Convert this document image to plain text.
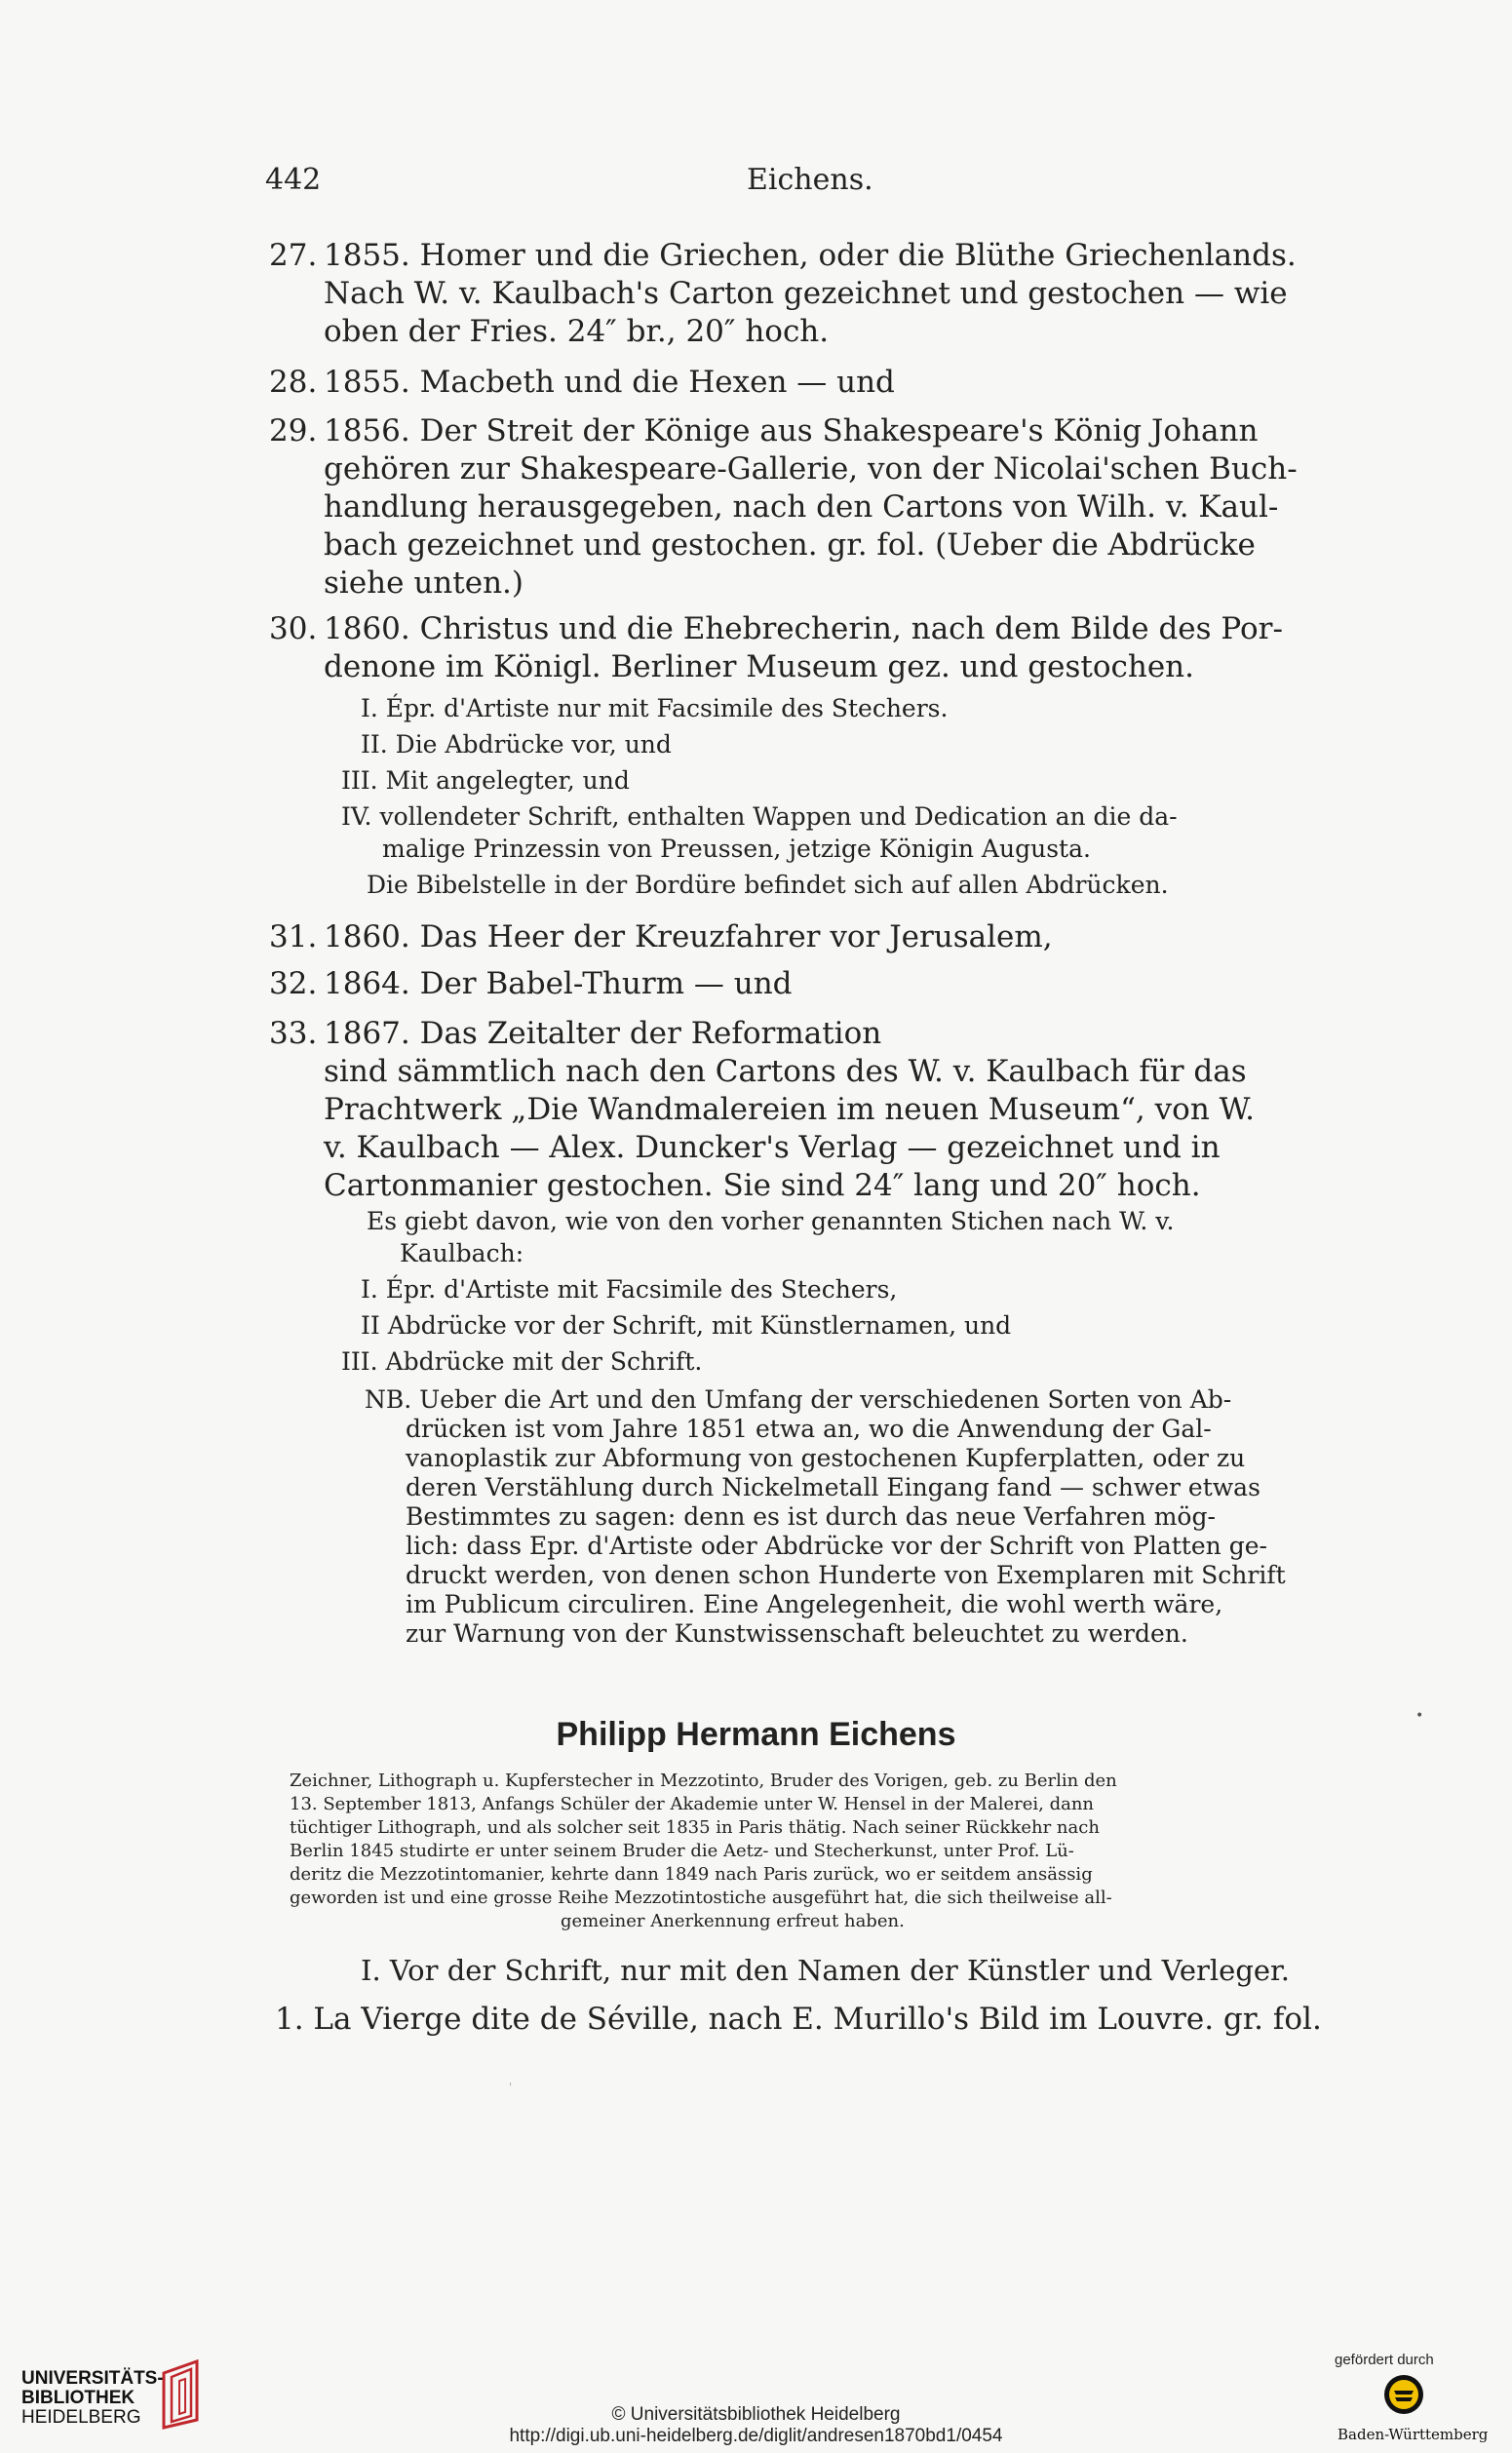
442	Eichens.
27. 1855. Homer und die Griechen, oder die Blüthe Griechenlands.
Nach W. v. Kaulbach's Carton gezeichnet und gestochen — wie
oben der Fries. 24″ br., 20″ hoch.
28. 1855. Macbeth und die Hexen — und
29. 1856. Der Streit der Könige aus Shakespeare's König Johann
gehören zur Shakespeare-Gallerie, von der Nicolai'schen Buch-
handlung herausgegeben, nach den Cartons von Wilh. v. Kaul-
bach gezeichnet und gestochen. gr. fol. (Ueber die Abdrücke
siehe unten.)
30. 1860. Christus und die Ehebrecherin, nach dem Bilde des Por-
denone im Königl. Berliner Museum gez. und gestochen.
I. Épr. d'Artiste nur mit Facsimile des Stechers.
II. Die Abdrücke vor, und
III. Mit angelegter, und
IV. vollendeter Schrift, enthalten Wappen und Dedication an die da-
malige Prinzessin von Preussen, jetzige Königin Augusta.
Die Bibelstelle in der Bordüre befindet sich auf allen Abdrücken.
31. 1860. Das Heer der Kreuzfahrer vor Jerusalem,
32. 1864. Der Babel-Thurm — und
33. 1867. Das Zeitalter der Reformation
sind sämmtlich nach den Cartons des W. v. Kaulbach für das
Prachtwerk „Die Wandmalereien im neuen Museum“, von W.
v. Kaulbach — Alex. Duncker's Verlag — gezeichnet und in
Cartonmanier gestochen. Sie sind 24″ lang und 20″ hoch.
Es giebt davon, wie von den vorher genannten Stichen nach W. v.
Kaulbach:
I. Épr. d'Artiste mit Facsimile des Stechers,
II Abdrücke vor der Schrift, mit Künstlernamen, und
III. Abdrücke mit der Schrift.
NB. Ueber die Art und den Umfang der verschiedenen Sorten von Ab-
drücken ist vom Jahre 1851 etwa an, wo die Anwendung der Gal-
vanoplastik zur Abformung von gestochenen Kupferplatten, oder zu
deren Verstählung durch Nickelmetall Eingang fand — schwer etwas
Bestimmtes zu sagen: denn es ist durch das neue Verfahren mög-
lich: dass Epr. d'Artiste oder Abdrücke vor der Schrift von Platten ge-
druckt werden, von denen schon Hunderte von Exemplaren mit Schrift
im Publicum circuliren. Eine Angelegenheit, die wohl werth wäre,
zur Warnung von der Kunstwissenschaft beleuchtet zu werden.
•
Philipp Hermann Eichens
Zeichner, Lithograph u. Kupferstecher in Mezzotinto, Bruder des Vorigen, geb. zu Berlin den
13. September 1813, Anfangs Schüler der Akademie unter W. Hensel in der Malerei, dann
tüchtiger Lithograph, und als solcher seit 1835 in Paris thätig. Nach seiner Rückkehr nach
Berlin 1845 studirte er unter seinem Bruder die Aetz- und Stecherkunst, unter Prof. Lü-
deritz die Mezzotintomanier, kehrte dann 1849 nach Paris zurück, wo er seitdem ansässig
geworden ist und eine grosse Reihe Mezzotintostiche ausgeführt hat, die sich theilweise all-
gemeiner Anerkennung erfreut haben.
I. Vor der Schrift, nur mit den Namen der Künstler und Verleger.
1. La Vierge dite de Séville, nach E. Murillo's Bild im Louvre. gr. fol.
'
UNIVERSITÄTS-
BIBLIOTHEK
HEIDELBERG	© Universitätsbibliothek Heidelberg
http://digi.ub.uni-heidelberg.de/diglit/andresen1870bd1/0454
gefördert durch
Baden-Württemberg
